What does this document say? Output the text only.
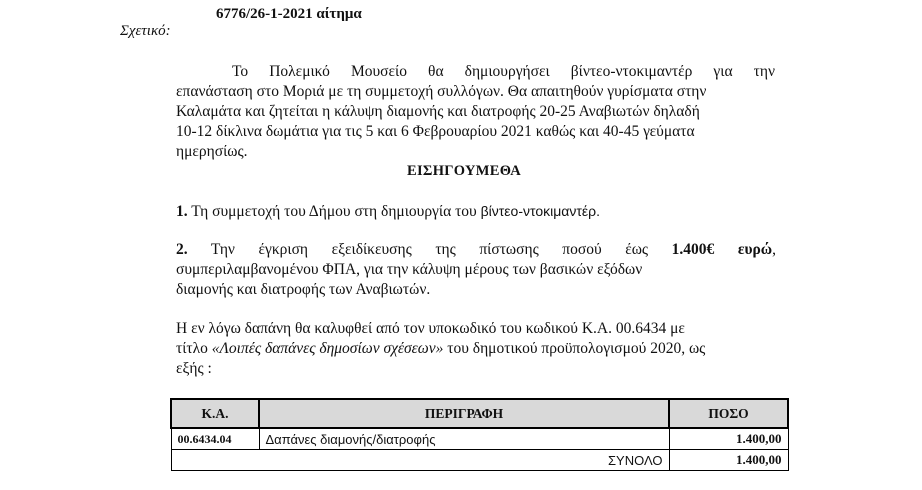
Σχετικό:
6776/26-1-2021 αίτημα
Το Πολεμικό Μουσείο θα δημιουργήσει βίντεο-ντοκιμαντέρ για την
επανάσταση στο Μοριά με τη συμμετοχή συλλόγων. Θα απαιτηθούν γυρίσματα στην
Καλαμάτα και ζητείται η κάλυψη διαμονής και διατροφής 20-25 Αναβιωτών δηλαδή
10-12 δίκλινα δωμάτια για τις 5 και 6 Φεβρουαρίου 2021 καθώς και 40-45 γεύματα
ημερησίως.
ΕΙΣΗΓΟΥΜΕΘΑ
1. Τη συμμετοχή του Δήμου στη δημιουργία του βίντεο-ντοκιμαντέρ.
2. Την έγκριση εξειδίκευσης της πίστωσης ποσού έως 1.400€ ευρώ,
συμπεριλαμβανομένου ΦΠΑ, για την κάλυψη μέρους των βασικών εξόδων
διαμονής και διατροφής των Αναβιωτών.
Η εν λόγω δαπάνη θα καλυφθεί από τον υποκωδικό του κωδικού Κ.Α. 00.6434 με
τίτλο «Λοιπές δαπάνες δημοσίων σχέσεων» του δημοτικού προϋπολογισμού 2020, ως
εξής :
Κ.Α.	ΠΕΡΙΓΡΑΦΗ	ΠΟΣΟ
00.6434.04	Δαπάνες διαμονής/διατροφής	1.400,00
ΣΥΝΟΛΟ		1.400,00
